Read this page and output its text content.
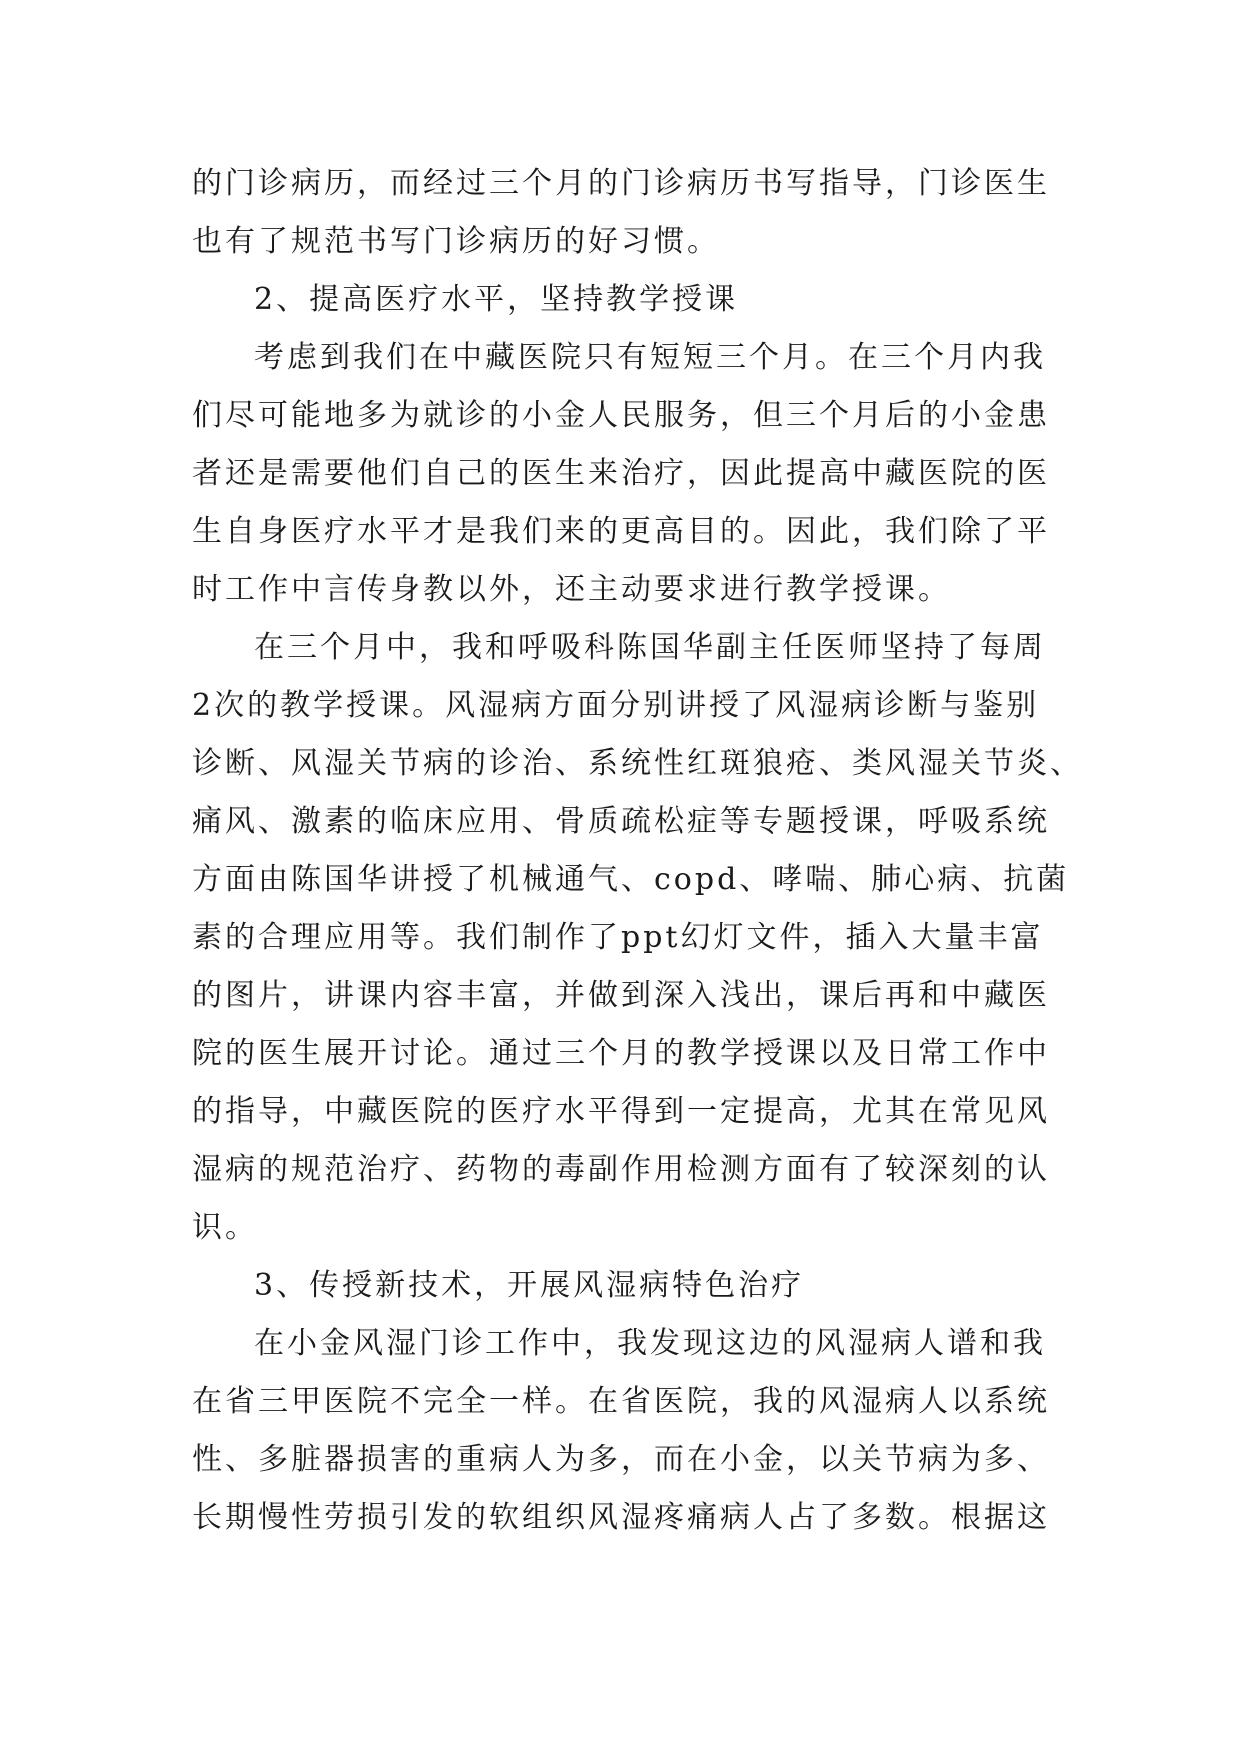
的门诊病历，而经过三个月的门诊病历书写指导，门诊医生
也有了规范书写门诊病历的好习惯。
2、提高医疗水平，坚持教学授课
考虑到我们在中藏医院只有短短三个月。在三个月内我
们尽可能地多为就诊的小金人民服务，但三个月后的小金患
者还是需要他们自己的医生来治疗，因此提高中藏医院的医
生自身医疗水平才是我们来的更高目的。因此，我们除了平
时工作中言传身教以外，还主动要求进行教学授课。
在三个月中，我和呼吸科陈国华副主任医师坚持了每周
2次的教学授课。风湿病方面分别讲授了风湿病诊断与鉴别
诊断、风湿关节病的诊治、系统性红斑狼疮、类风湿关节炎、
痛风、激素的临床应用、骨质疏松症等专题授课，呼吸系统
方面由陈国华讲授了机械通气、copd、哮喘、肺心病、抗菌
素的合理应用等。我们制作了ppt幻灯文件，插入大量丰富
的图片，讲课内容丰富，并做到深入浅出，课后再和中藏医
院的医生展开讨论。通过三个月的教学授课以及日常工作中
的指导，中藏医院的医疗水平得到一定提高，尤其在常见风
湿病的规范治疗、药物的毒副作用检测方面有了较深刻的认
识。
3、传授新技术，开展风湿病特色治疗
在小金风湿门诊工作中，我发现这边的风湿病人谱和我
在省三甲医院不完全一样。在省医院，我的风湿病人以系统
性、多脏器损害的重病人为多，而在小金，以关节病为多、
长期慢性劳损引发的软组织风湿疼痛病人占了多数。根据这
